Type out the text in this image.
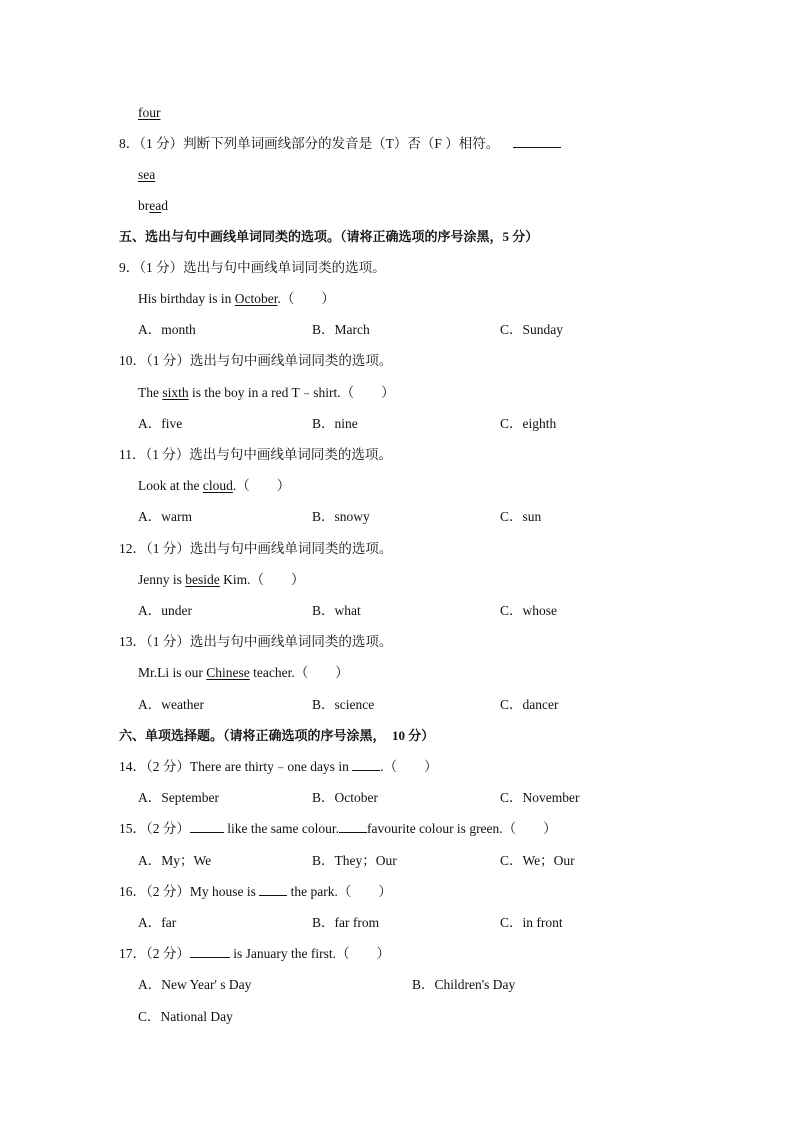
four
8．（1 分）判断下列单词画线部分的发音是（T）否（F ）相符。
sea
bread
五、选出与句中画线单词同类的选项。（请将正确选项的序号涂黑，5 分）
9．（1 分）选出与句中画线单词同类的选项。
His birthday is in October.（        ）
A．month	B．March	C．Sunday
10．（1 分）选出与句中画线单词同类的选项。
The sixth is the boy in a red T﹣shirt.（        ）
A．five	B．nine	C．eighth
11．（1 分）选出与句中画线单词同类的选项。
Look at the cloud.（        ）
A．warm	B．snowy	C．sun
12．（1 分）选出与句中画线单词同类的选项。
Jenny is beside Kim.（        ）
A．under	B．what	C．whose
13．（1 分）选出与句中画线单词同类的选项。
Mr.Li is our Chinese teacher.（        ）
A．weather	B．science	C．dancer
六、单项选择题。（请将正确选项的序号涂黑，  10 分）
14．（2 分）There are thirty﹣one days in .（        ）
A．September	B．October	C．November
15．（2 分）	like the same colour. favourite colour is green.（        ）
A．My；We	B．They；Our	C．We；Our
16．（2 分）My house is  the park.（        ）
A．far	B．far from	C．in front
17．（2 分）	is January the first.（        ）
A．New Year' s Day	B．Children's Day
C．National Day
